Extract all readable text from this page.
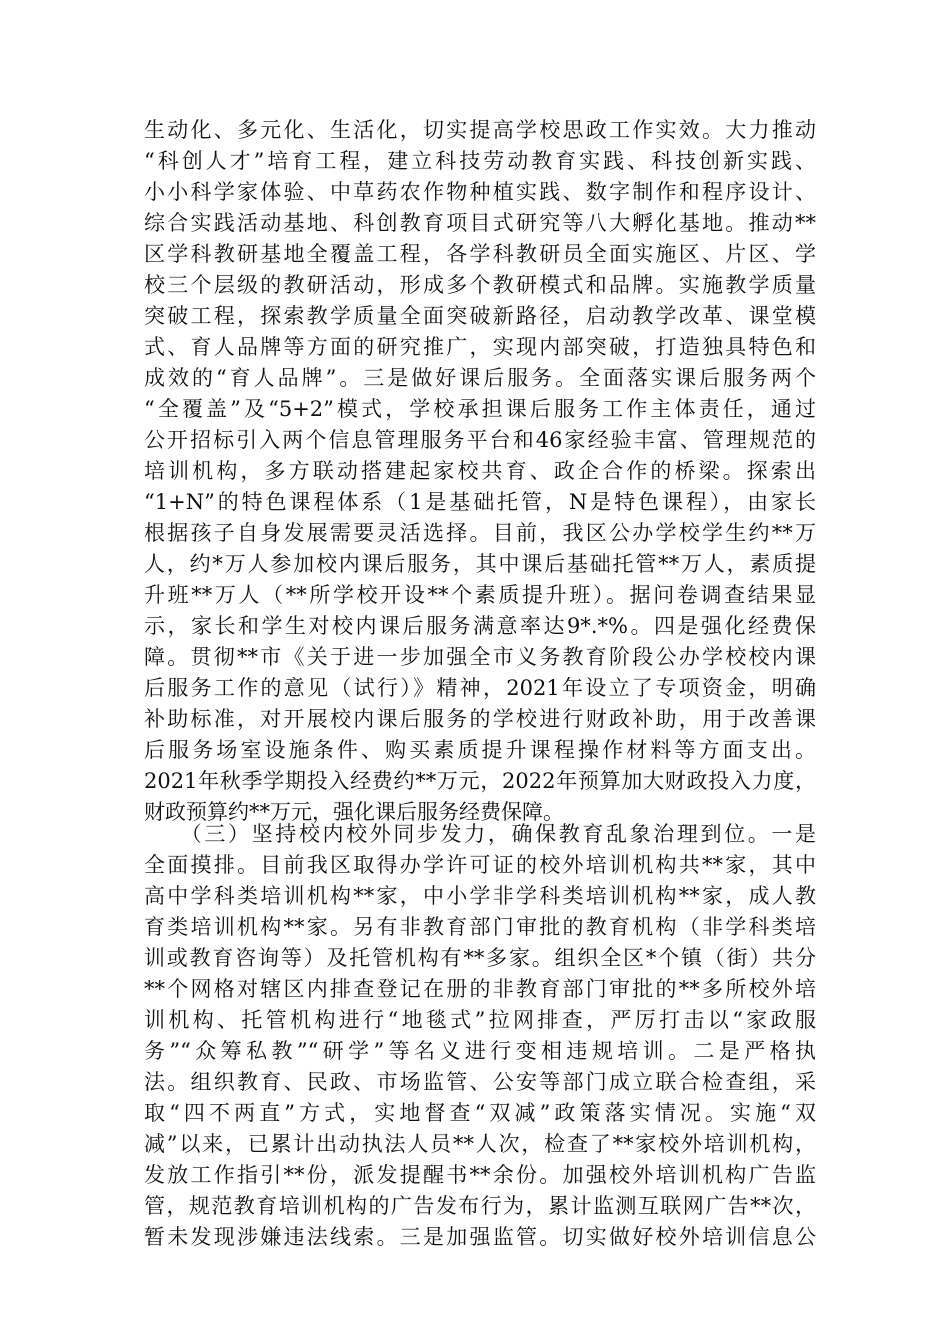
生动化、多元化、生活化，切实提高学校思政工作实效。大力推动
“科创人才”培育工程，建立科技劳动教育实践、科技创新实践、
小小科学家体验、中草药农作物种植实践、数字制作和程序设计、
综合实践活动基地、科创教育项目式研究等八大孵化基地。推动**
区学科教研基地全覆盖工程，各学科教研员全面实施区、片区、学
校三个层级的教研活动，形成多个教研模式和品牌。实施教学质量
突破工程，探索教学质量全面突破新路径，启动教学改革、课堂模
式、育人品牌等方面的研究推广，实现内部突破，打造独具特色和
成效的“育人品牌”。三是做好课后服务。全面落实课后服务两个
“全覆盖”及“5+2”模式，学校承担课后服务工作主体责任，通过
公开招标引入两个信息管理服务平台和46家经验丰富、管理规范的
培训机构，多方联动搭建起家校共育、政企合作的桥梁。探索出
“1+N”的特色课程体系（1是基础托管，N是特色课程），由家长
根据孩子自身发展需要灵活选择。目前，我区公办学校学生约**万
人，约*万人参加校内课后服务，其中课后基础托管**万人，素质提
升班**万人（**所学校开设**个素质提升班）。据问卷调查结果显
示，家长和学生对校内课后服务满意率达9*.*%。四是强化经费保
障。贯彻**市《关于进一步加强全市义务教育阶段公办学校校内课
后服务工作的意见（试行）》精神，2021年设立了专项资金，明确
补助标准，对开展校内课后服务的学校进行财政补助，用于改善课
后服务场室设施条件、购买素质提升课程操作材料等方面支出。
2021年秋季学期投入经费约**万元，2022年预算加大财政投入力度，
财政预算约**万元，强化课后服务经费保障。
　　（三）坚持校内校外同步发力，确保教育乱象治理到位。一是
全面摸排。目前我区取得办学许可证的校外培训机构共**家，其中
高中学科类培训机构**家，中小学非学科类培训机构**家，成人教
育类培训机构**家。另有非教育部门审批的教育机构（非学科类培
训或教育咨询等）及托管机构有**多家。组织全区*个镇（街）共分
**个网格对辖区内排查登记在册的非教育部门审批的**多所校外培
训机构、托管机构进行“地毯式”拉网排查，严厉打击以“家政服
务”“众筹私教”“研学”等名义进行变相违规培训。二是严格执
法。组织教育、民政、市场监管、公安等部门成立联合检查组，采
取“四不两直”方式，实地督查“双减”政策落实情况。实施“双
减”以来，已累计出动执法人员**人次，检查了**家校外培训机构，
发放工作指引**份，派发提醒书**余份。加强校外培训机构广告监
管，规范教育培训机构的广告发布行为，累计监测互联网广告**次，
暂未发现涉嫌违法线索。三是加强监管。切实做好校外培训信息公
